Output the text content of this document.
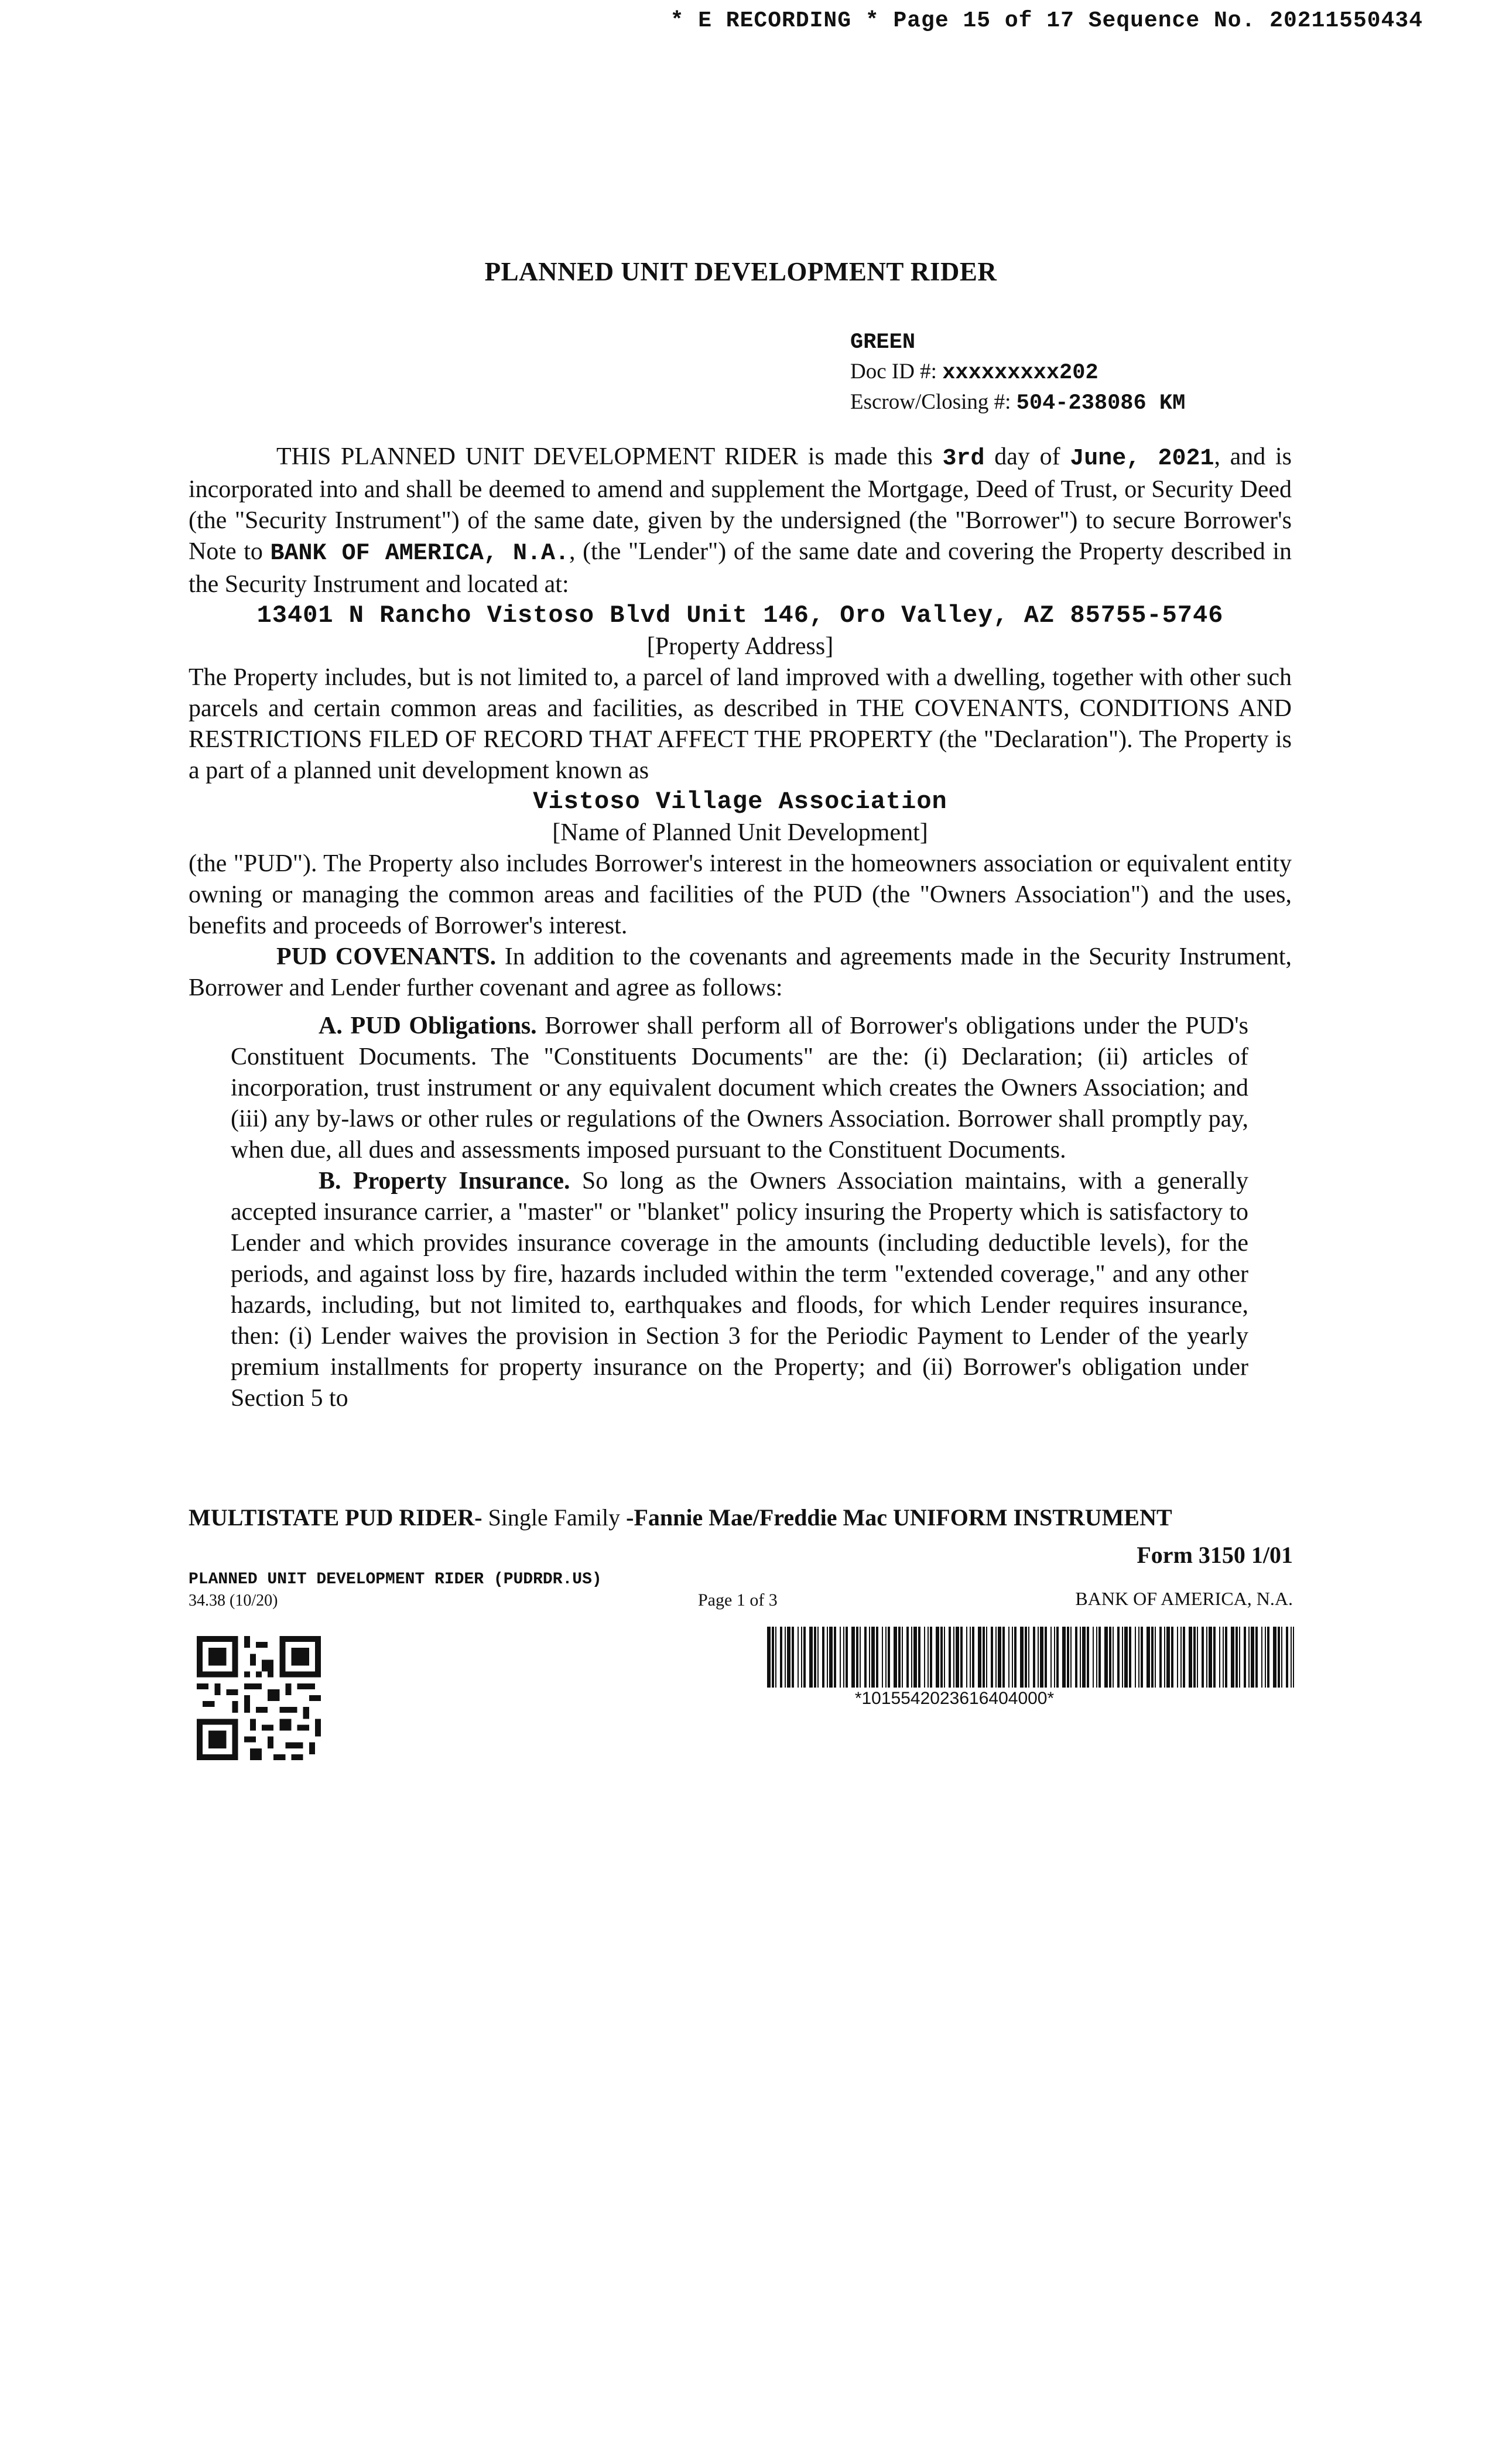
* E RECORDING * Page 15 of 17 Sequence No. 20211550434
PLANNED UNIT DEVELOPMENT RIDER
GREEN
Doc ID #: xxxxxxxxx202
Escrow/Closing #: 504-238086 KM

THIS PLANNED UNIT DEVELOPMENT RIDER is made this 3rd day of June, 2021, and is incorporated into and shall be deemed to amend and supplement the Mortgage, Deed of Trust, or Security Deed (the "Security Instrument") of the same date, given by the undersigned (the "Borrower") to secure Borrower's Note to BANK OF AMERICA, N.A., (the "Lender") of the same date and covering the Property described in the Security Instrument and located at:

13401 N Rancho Vistoso Blvd Unit 146, Oro Valley, AZ 85755-5746

[Property Address]

The Property includes, but is not limited to, a parcel of land improved with a dwelling, together with other such parcels and certain common areas and facilities, as described in THE COVENANTS, CONDITIONS AND RESTRICTIONS FILED OF RECORD THAT AFFECT THE PROPERTY (the "Declaration"). The Property is a part of a planned unit development known as

Vistoso Village Association

[Name of Planned Unit Development]

(the "PUD"). The Property also includes Borrower's interest in the homeowners association or equivalent entity owning or managing the common areas and facilities of the PUD (the "Owners Association") and the uses, benefits and proceeds of Borrower's interest.

PUD COVENANTS. In addition to the covenants and agreements made in the Security Instrument, Borrower and Lender further covenant and agree as follows:

A. PUD Obligations. Borrower shall perform all of Borrower's obligations under the PUD's Constituent Documents. The "Constituents Documents" are the: (i) Declaration; (ii) articles of incorporation, trust instrument or any equivalent document which creates the Owners Association; and (iii) any by-laws or other rules or regulations of the Owners Association. Borrower shall promptly pay, when due, all dues and assessments imposed pursuant to the Constituent Documents.

B. Property Insurance. So long as the Owners Association maintains, with a generally accepted insurance carrier, a "master" or "blanket" policy insuring the Property which is satisfactory to Lender and which provides insurance coverage in the amounts (including deductible levels), for the periods, and against loss by fire, hazards included within the term "extended coverage," and any other hazards, including, but not limited to, earthquakes and floods, for which Lender requires insurance, then: (i) Lender waives the provision in Section 3 for the Periodic Payment to Lender of the yearly premium installments for property insurance on the Property; and (ii) Borrower's obligation under Section 5 to

MULTISTATE PUD RIDER- Single Family -Fannie Mae/Freddie Mac UNIFORM INSTRUMENT
Form 3150 1/01
PLANNED UNIT DEVELOPMENT RIDER (PUDRDR.US)
34.38 (10/20)	Page 1 of 3	BANK OF AMERICA, N.A.
*1015542023616404000*
